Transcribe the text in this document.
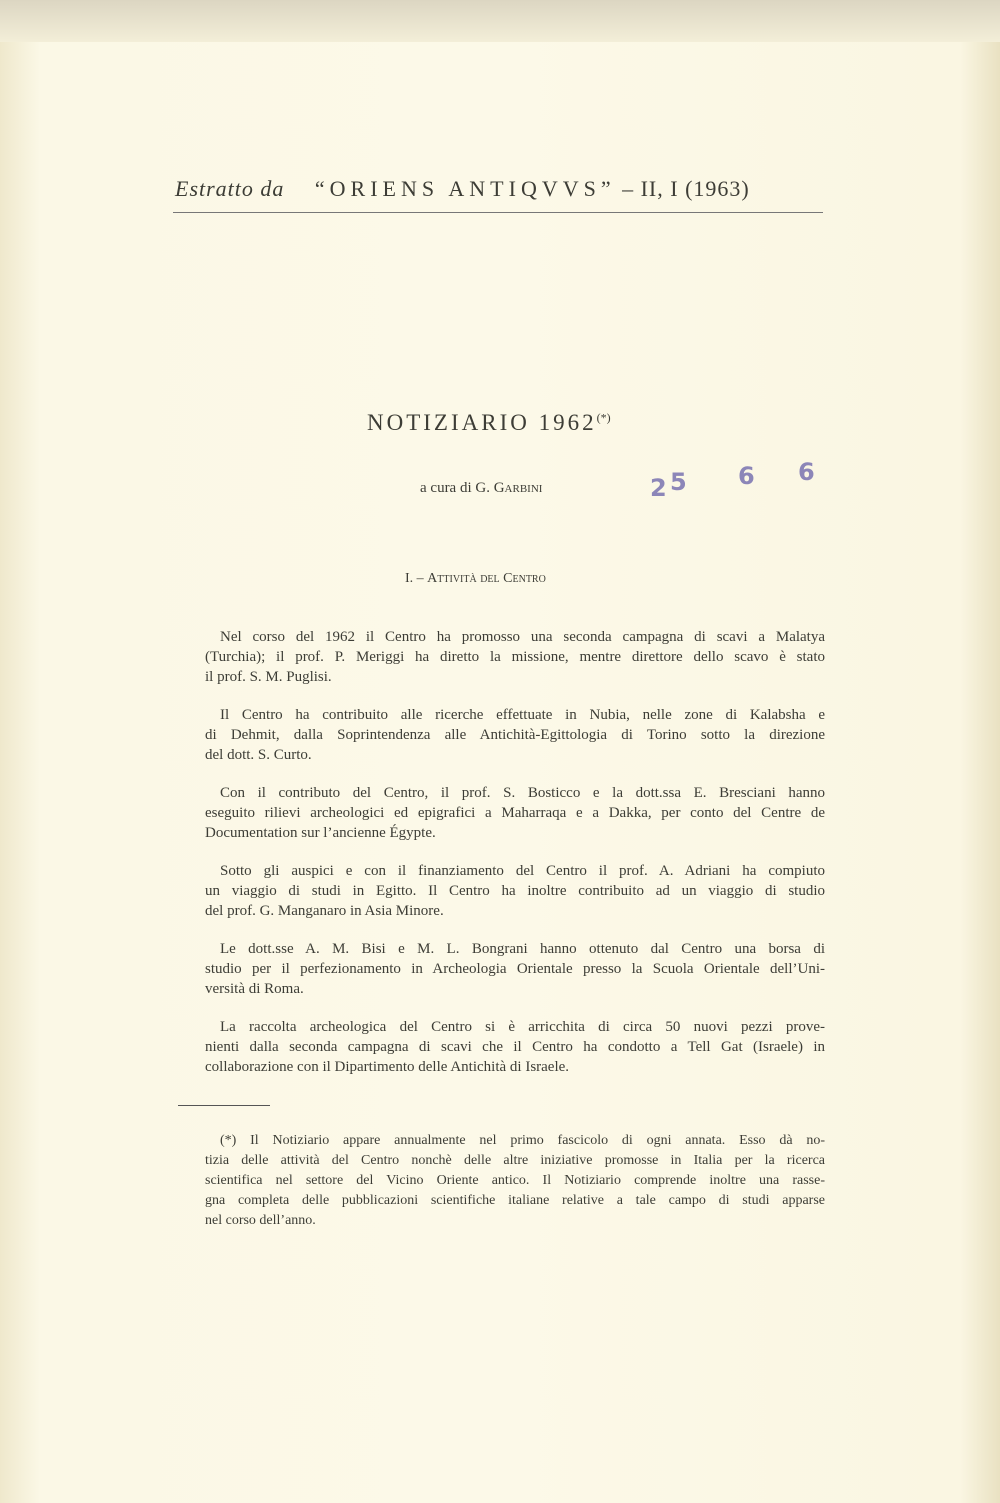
Estratto da “ORIENS ANTIQVVS” – II, I (1963)
NOTIZIARIO 1962(*)
a cura di G. Garbini	2 5 6 6
I. – Attività del Centro
Nel corso del 1962 il Centro ha promosso una seconda campagna di scavi a Malatya
(Turchia); il prof. P. Meriggi ha diretto la missione, mentre direttore dello scavo è stato
il prof. S. M. Puglisi.
Il Centro ha contribuito alle ricerche effettuate in Nubia, nelle zone di Kalabsha e
di Dehmit, dalla Soprintendenza alle Antichità-Egittologia di Torino sotto la direzione
del dott. S. Curto.
Con il contributo del Centro, il prof. S. Bosticco e la dott.ssa E. Bresciani hanno
eseguito rilievi archeologici ed epigrafici a Maharraqa e a Dakka, per conto del Centre de
Documentation sur l’ancienne Égypte.
Sotto gli auspici e con il finanziamento del Centro il prof. A. Adriani ha compiuto
un viaggio di studi in Egitto. Il Centro ha inoltre contribuito ad un viaggio di studio
del prof. G. Manganaro in Asia Minore.
Le dott.sse A. M. Bisi e M. L. Bongrani hanno ottenuto dal Centro una borsa di
studio per il perfezionamento in Archeologia Orientale presso la Scuola Orientale dell’Uni-
versità di Roma.
La raccolta archeologica del Centro si è arricchita di circa 50 nuovi pezzi prove-
nienti dalla seconda campagna di scavi che il Centro ha condotto a Tell Gat (Israele) in
collaborazione con il Dipartimento delle Antichità di Israele.
(*) Il Notiziario appare annualmente nel primo fascicolo di ogni annata. Esso dà no-
tizia delle attività del Centro nonchè delle altre iniziative promosse in Italia per la ricerca
scientifica nel settore del Vicino Oriente antico. Il Notiziario comprende inoltre una rasse-
gna completa delle pubblicazioni scientifiche italiane relative a tale campo di studi apparse
nel corso dell’anno.
